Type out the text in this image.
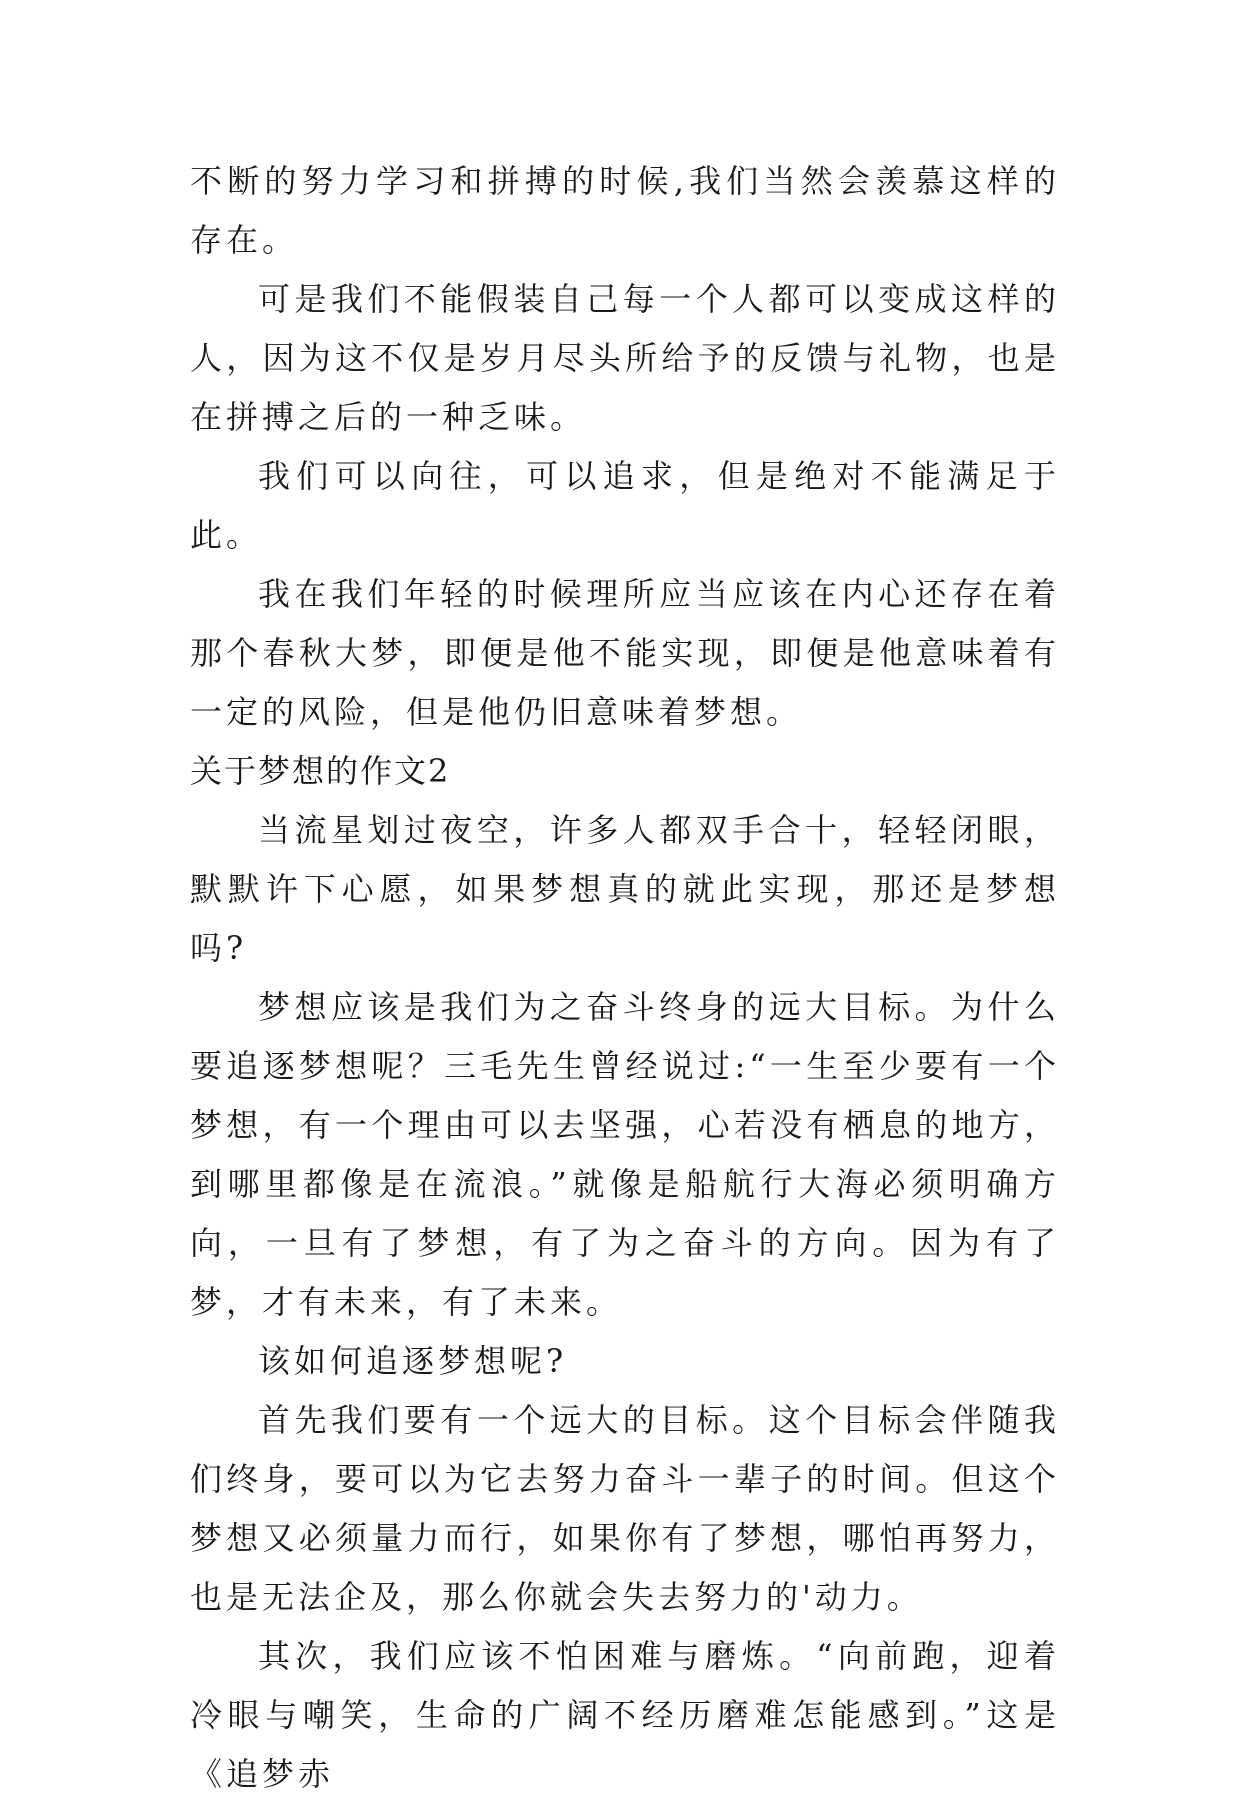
不断的努力学习和拼搏的时候,我们当然会羡慕这样的存在。

可是我们不能假装自己每一个人都可以变成这样的人，因为这不仅是岁月尽头所给予的反馈与礼物，也是在拼搏之后的一种乏味。

我们可以向往，可以追求，但是绝对不能满足于此。

我在我们年轻的时候理所应当应该在内心还存在着那个春秋大梦，即便是他不能实现，即便是他意味着有一定的风险，但是他仍旧意味着梦想。

关于梦想的作文2

当流星划过夜空，许多人都双手合十，轻轻闭眼，默默许下心愿，如果梦想真的就此实现，那还是梦想吗?

梦想应该是我们为之奋斗终身的远大目标。为什么要追逐梦想呢？三毛先生曾经说过:“一生至少要有一个梦想，有一个理由可以去坚强，心若没有栖息的地方，到哪里都像是在流浪。”就像是船航行大海必须明确方向，一旦有了梦想，有了为之奋斗的方向。因为有了梦，才有未来，有了未来。

该如何追逐梦想呢?

首先我们要有一个远大的目标。这个目标会伴随我们终身，要可以为它去努力奋斗一辈子的时间。但这个梦想又必须量力而行，如果你有了梦想，哪怕再努力，也是无法企及，那么你就会失去努力的'动力。

其次，我们应该不怕困难与磨炼。“向前跑，迎着冷眼与嘲笑，生命的广阔不经历磨难怎能感到。”这是《追梦赤
